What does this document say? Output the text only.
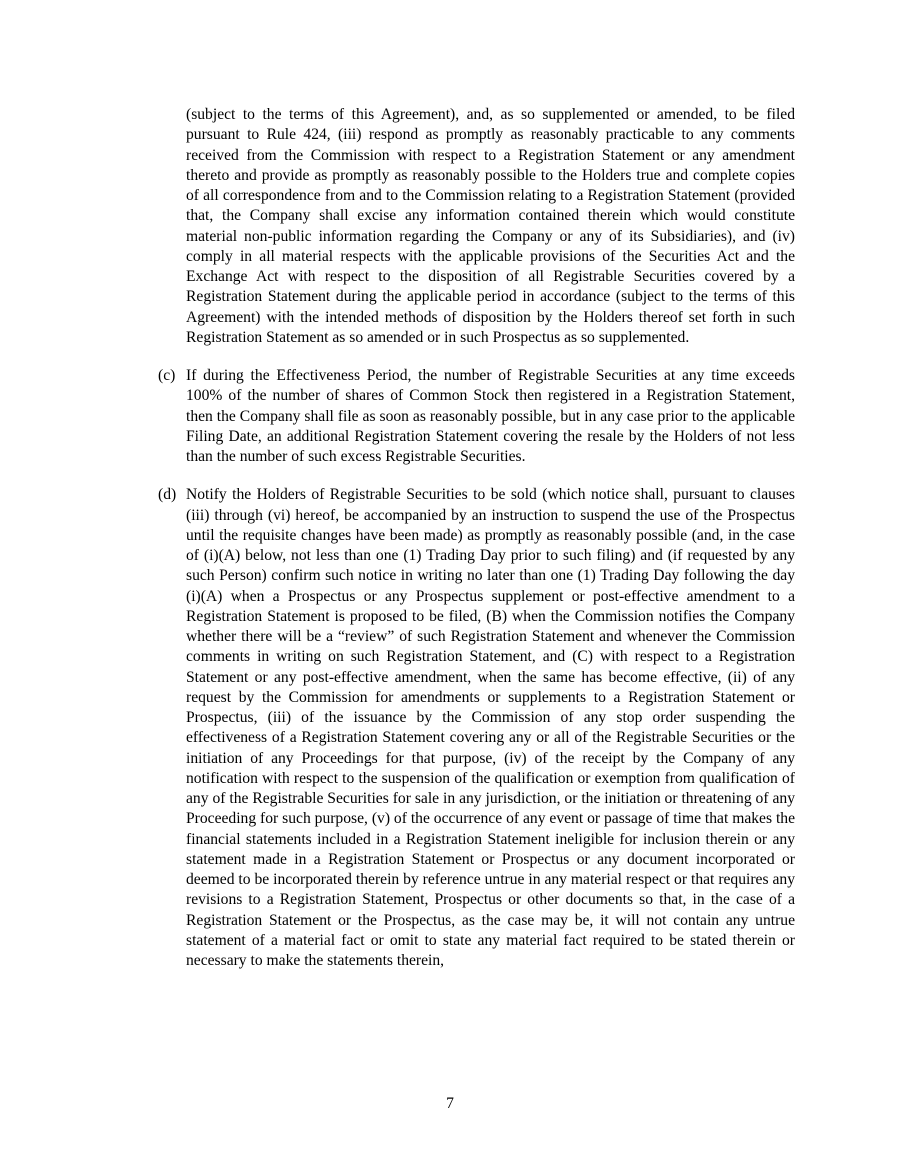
(subject to the terms of this Agreement), and, as so supplemented or amended, to be filed pursuant to Rule 424, (iii) respond as promptly as reasonably practicable to any comments received from the Commission with respect to a Registration Statement or any amendment thereto and provide as promptly as reasonably possible to the Holders true and complete copies of all correspondence from and to the Commission relating to a Registration Statement (provided that, the Company shall excise any information contained therein which would constitute material non-public information regarding the Company or any of its Subsidiaries), and (iv) comply in all material respects with the applicable provisions of the Securities Act and the Exchange Act with respect to the disposition of all Registrable Securities covered by a Registration Statement during the applicable period in accordance (subject to the terms of this Agreement) with the intended methods of disposition by the Holders thereof set forth in such Registration Statement as so amended or in such Prospectus as so supplemented.

(c) If during the Effectiveness Period, the number of Registrable Securities at any time exceeds 100% of the number of shares of Common Stock then registered in a Registration Statement, then the Company shall file as soon as reasonably possible, but in any case prior to the applicable Filing Date, an additional Registration Statement covering the resale by the Holders of not less than the number of such excess Registrable Securities.
(d) Notify the Holders of Registrable Securities to be sold (which notice shall, pursuant to clauses (iii) through (vi) hereof, be accompanied by an instruction to suspend the use of the Prospectus until the requisite changes have been made) as promptly as reasonably possible (and, in the case of (i)(A) below, not less than one (1) Trading Day prior to such filing) and (if requested by any such Person) confirm such notice in writing no later than one (1) Trading Day following the day (i)(A) when a Prospectus or any Prospectus supplement or post-effective amendment to a Registration Statement is proposed to be filed, (B) when the Commission notifies the Company whether there will be a “review” of such Registration Statement and whenever the Commission comments in writing on such Registration Statement, and (C) with respect to a Registration Statement or any post-effective amendment, when the same has become effective, (ii) of any request by the Commission for amendments or supplements to a Registration Statement or Prospectus, (iii) of the issuance by the Commission of any stop order suspending the effectiveness of a Registration Statement covering any or all of the Registrable Securities or the initiation of any Proceedings for that purpose, (iv) of the receipt by the Company of any notification with respect to the suspension of the qualification or exemption from qualification of any of the Registrable Securities for sale in any jurisdiction, or the initiation or threatening of any Proceeding for such purpose, (v) of the occurrence of any event or passage of time that makes the financial statements included in a Registration Statement ineligible for inclusion therein or any statement made in a Registration Statement or Prospectus or any document incorporated or deemed to be incorporated therein by reference untrue in any material respect or that requires any revisions to a Registration Statement, Prospectus or other documents so that, in the case of a Registration Statement or the Prospectus, as the case may be, it will not contain any untrue statement of a material fact or omit to state any material fact required to be stated therein or necessary to make the statements therein,
7
